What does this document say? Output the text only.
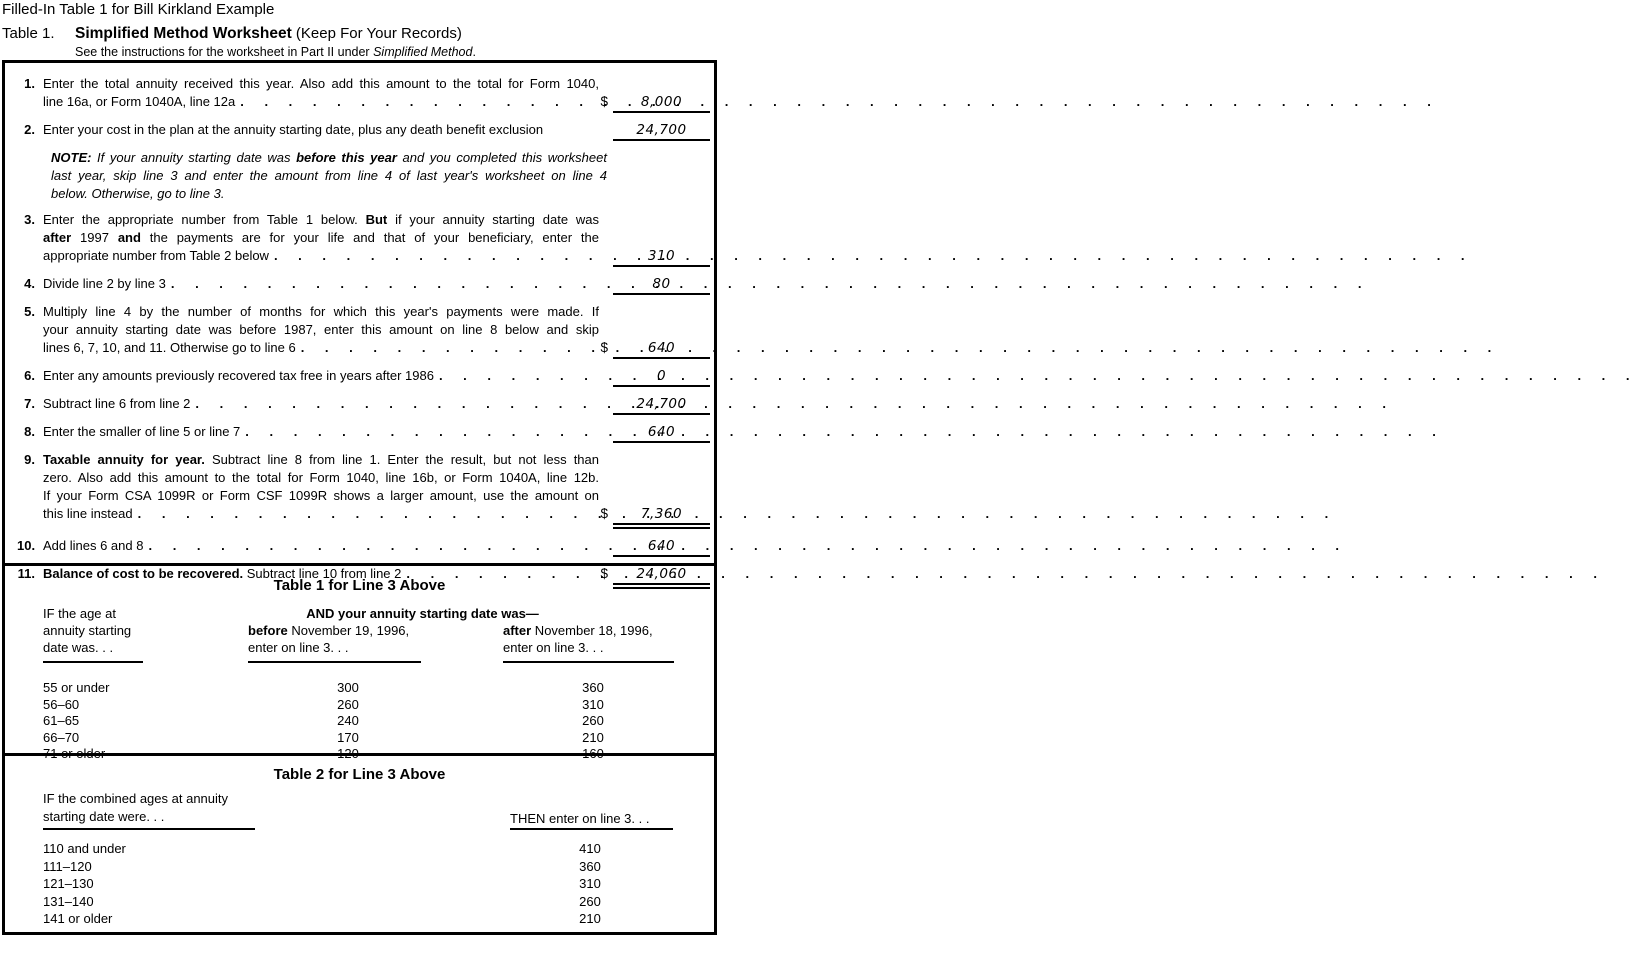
Filled-In Table 1 for Bill Kirkland Example
Table 1.	Simplified Method Worksheet (Keep For Your Records)
See the instructions for the worksheet in Part II under Simplified Method.
1. Enter the total annuity received this year. Also add this amount to the total for Form 1040,
line 16a, or Form 1040A, line 12a . . .	$	8,000
2. Enter your cost in the plan at the annuity starting date, plus any death benefit exclusion	24,700
NOTE: If your annuity starting date was before this year and you completed this worksheet
last year, skip line 3 and enter the amount from line 4 of last year's worksheet on line 4
below. Otherwise, go to line 3.
3. Enter the appropriate number from Table 1 below. But if your annuity starting date was
after 1997 and the payments are for your life and that of your beneficiary, enter the
appropriate number from Table 2 below . . .	310
4. Divide line 2 by line 3 . . .	80
5. Multiply line 4 by the number of months for which this year's payments were made. If
your annuity starting date was before 1987, enter this amount on line 8 below and skip
lines 6, 7, 10, and 11. Otherwise go to line 6 . . .	$	640
6. Enter any amounts previously recovered tax free in years after 1986 . . .	0
7. Subtract line 6 from line 2 . . .	24,700
8. Enter the smaller of line 5 or line 7 . . .	640
9. Taxable annuity for year. Subtract line 8 from line 1. Enter the result, but not less than
zero. Also add this amount to the total for Form 1040, line 16b, or Form 1040A, line 12b.
If your Form CSA 1099R or Form CSF 1099R shows a larger amount, use the amount on
this line instead . . .	$	7,360
10. Add lines 6 and 8 . . .	640
11. Balance of cost to be recovered. Subtract line 10 from line 2 . . .	$	24,060
Table 1 for Line 3 Above
IF the age at
annuity starting
date was. . .
AND your annuity starting date was—
before November 19, 1996,
enter on line 3. . .
after November 18, 1996,
enter on line 3. . .
55 or under	300	360
56–60	260	310
61–65	240	260
66–70	170	210
71 or older	120	160
Table 2 for Line 3 Above
IF the combined ages at annuity
starting date were. . .	THEN enter on line 3. . .
110 and under	410
111–120	360
121–130	310
131–140	260
141 or older	210
